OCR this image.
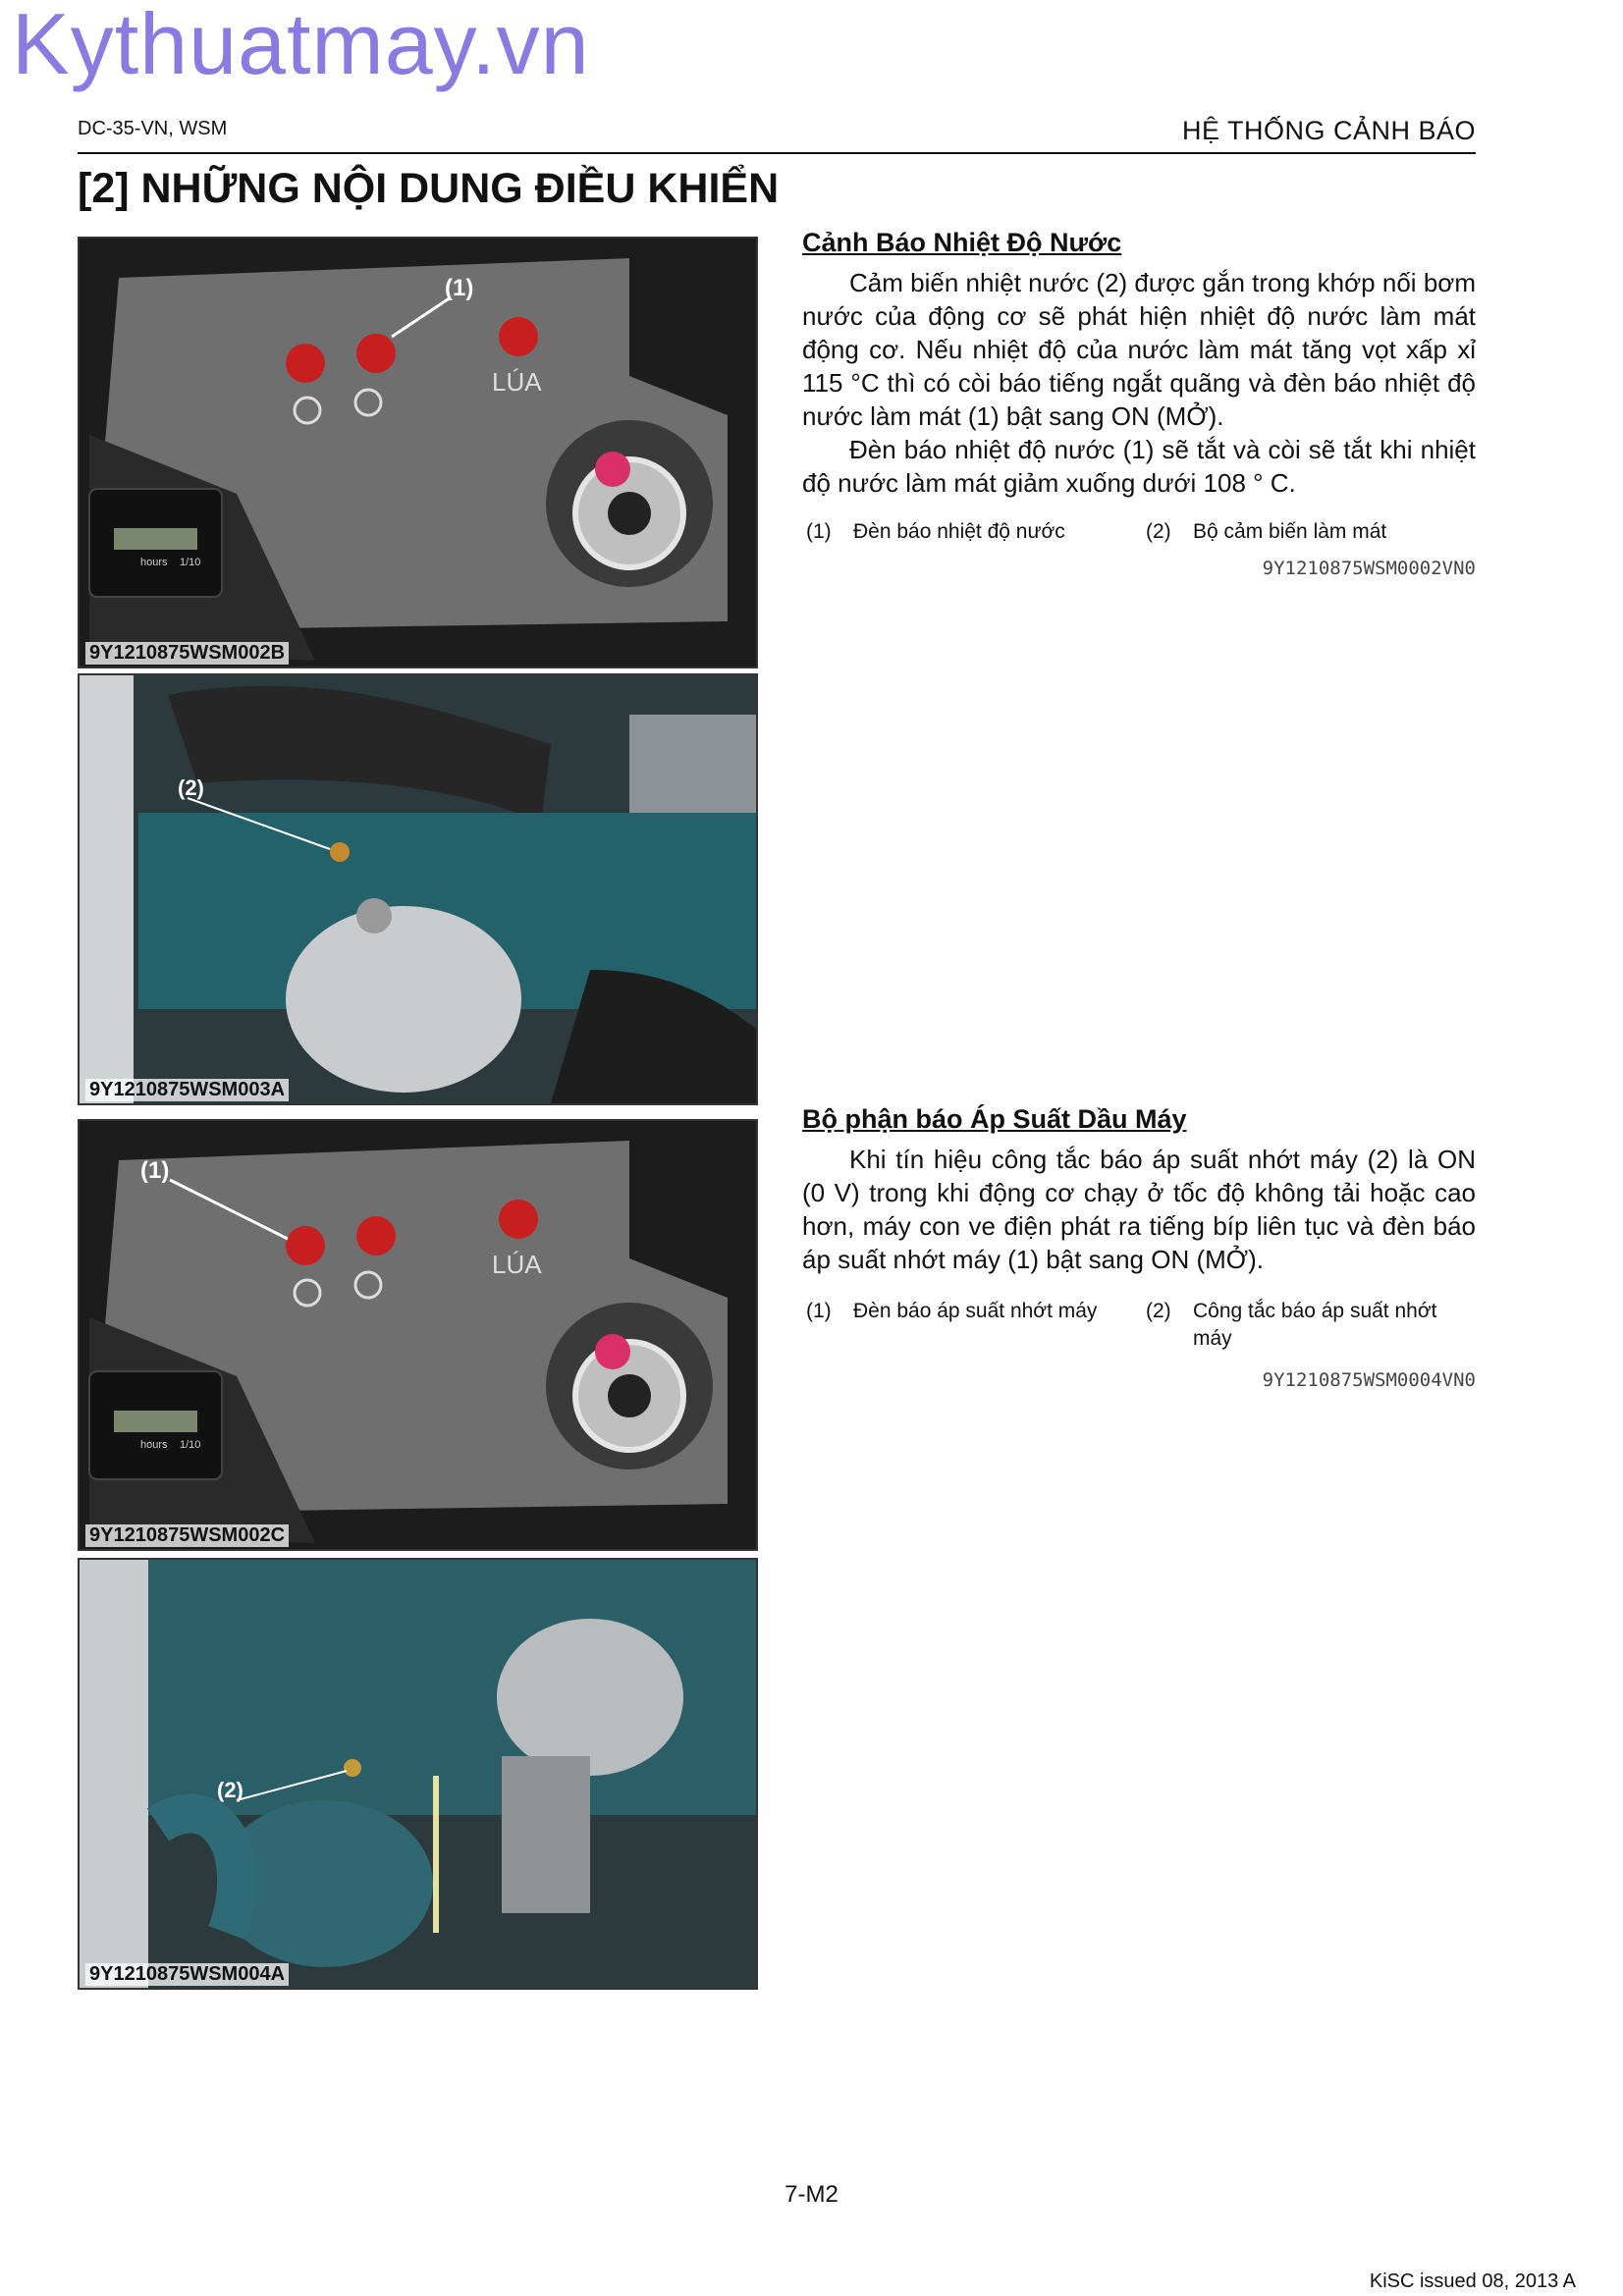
Kythuatmay.vn
DC-35-VN, WSM	HỆ THỐNG CẢNH BÁO
[2] NHỮNG NỘI DUNG ĐIỀU KHIỂN
LÚA
(1)
hours 1/10
9Y1210875WSM002B
(2)
9Y1210875WSM003A
LÚA
(1)
hours 1/10
9Y1210875WSM002C
(2)
9Y1210875WSM004A
Cảnh Báo Nhiệt Độ Nước

Cảm biến nhiệt nước (2) được gắn trong khớp nối bơm nước của động cơ sẽ phát hiện nhiệt độ nước làm mát động cơ. Nếu nhiệt độ của nước làm mát tăng vọt xấp xỉ 115 °C thì có còi báo tiếng ngắt quãng và đèn báo nhiệt độ nước làm mát (1) bật sang ON (MỞ).

Đèn báo nhiệt độ nước (1) sẽ tắt và còi sẽ tắt khi nhiệt độ nước làm mát giảm xuống dưới 108 ° C.

(1) Đèn báo nhiệt độ nước	(2) Bộ cảm biến làm mát
9Y1210875WSM0002VN0
Bộ phận báo Áp Suất Dầu Máy

Khi tín hiệu công tắc báo áp suất nhớt máy (2) là ON (0 V) trong khi động cơ chạy ở tốc độ không tải hoặc cao hơn, máy con ve điện phát ra tiếng bíp liên tục và đèn báo áp suất nhớt máy (1) bật sang ON (MỞ).

(1) Đèn báo áp suất nhớt máy (2) Công tắc báo áp suất nhớt máy
9Y1210875WSM0004VN0
7-M2
KiSC issued 08, 2013 A
